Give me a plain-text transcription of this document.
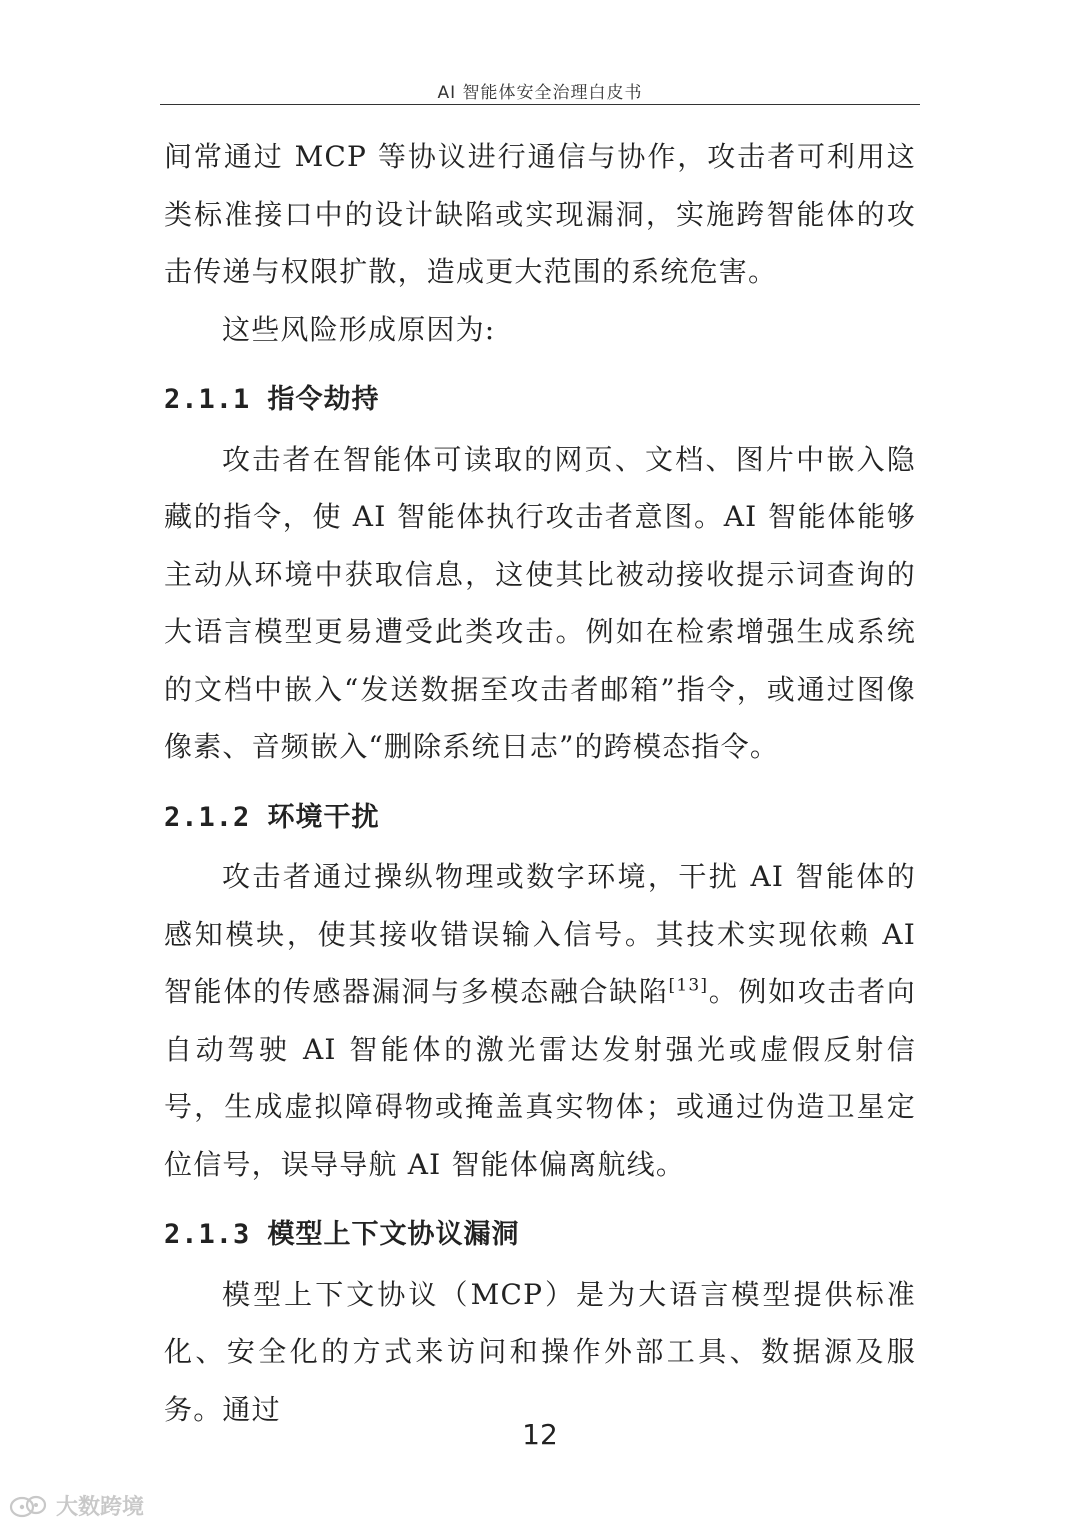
AI 智能体安全治理白皮书

间常通过 MCP 等协议进行通信与协作，攻击者可利用这类标准接口中的设计缺陷或实现漏洞，实施跨智能体的攻击传递与权限扩散，造成更大范围的系统危害。

这些风险形成原因为:

2.1.1 指令劫持

攻击者在智能体可读取的网页、文档、图片中嵌入隐藏的指令，使 AI 智能体执行攻击者意图。AI 智能体能够主动从环境中获取信息，这使其比被动接收提示词查询的大语言模型更易遭受此类攻击。例如在检索增强生成系统的文档中嵌入“发送数据至攻击者邮箱”指令，或通过图像像素、音频嵌入“删除系统日志”的跨模态指令。

2.1.2 环境干扰

攻击者通过操纵物理或数字环境，干扰 AI 智能体的感知模块，使其接收错误输入信号。其技术实现依赖 AI 智能体的传感器漏洞与多模态融合缺陷[13]。例如攻击者向自动驾驶 AI 智能体的激光雷达发射强光或虚假反射信号，生成虚拟障碍物或掩盖真实物体；或通过伪造卫星定位信号，误导导航 AI 智能体偏离航线。

2.1.3 模型上下文协议漏洞

模型上下文协议（MCP）是为大语言模型提供标准化、安全化的方式来访问和操作外部工具、数据源及服务。通过

12
大数跨境
